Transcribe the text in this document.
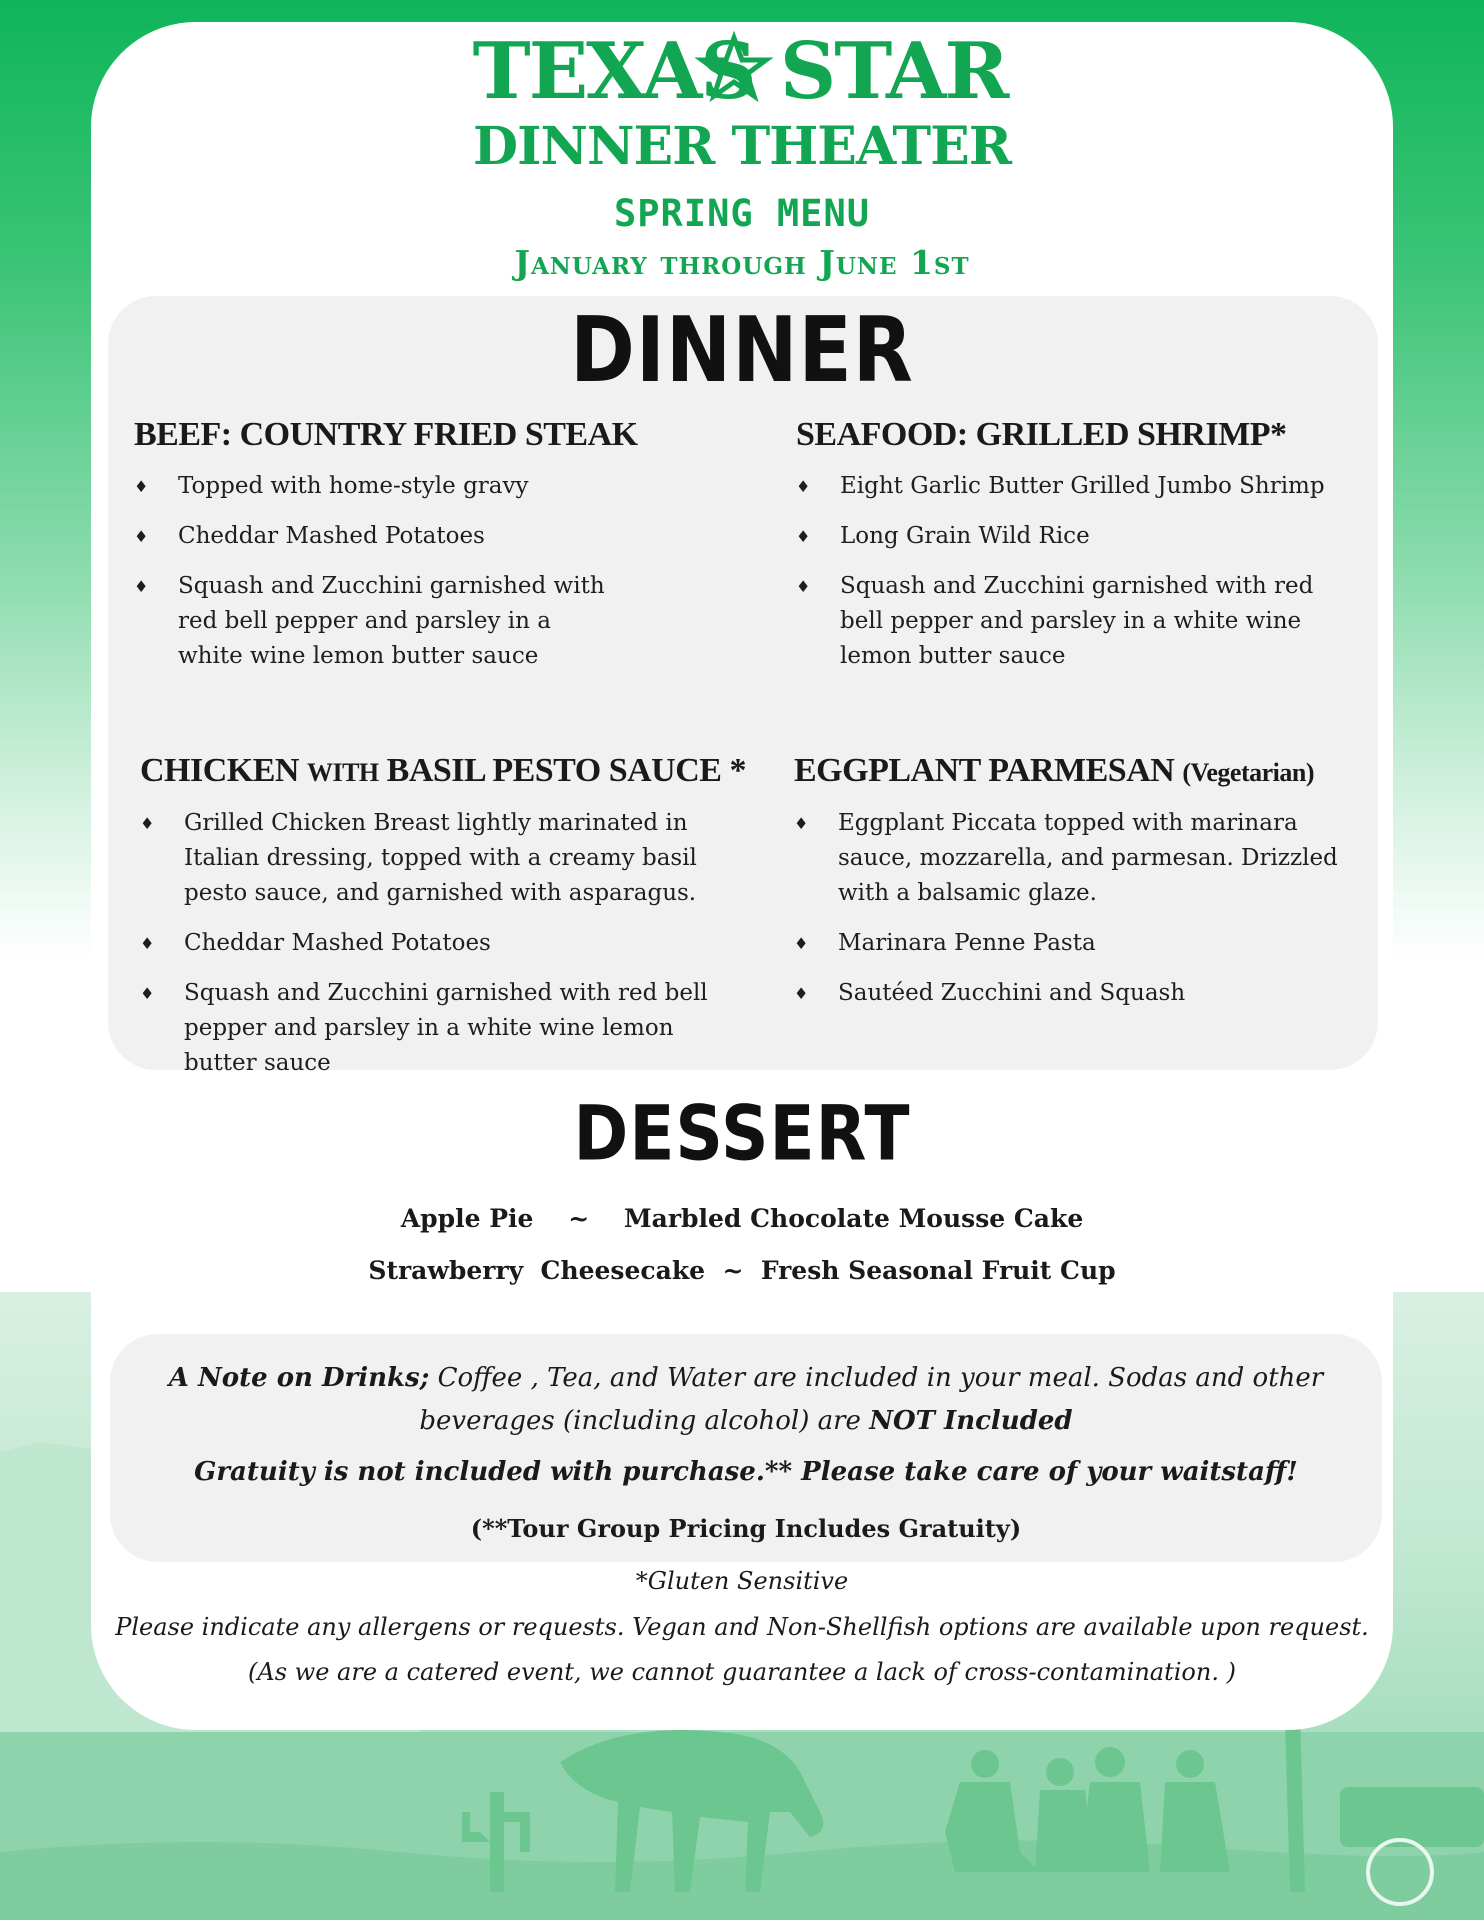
TEXAS STAR
DINNER THEATER
SPRING MENU
January through June 1st
DINNER
BEEF: COUNTRY FRIED STEAK
♦ Topped with home-style gravy
♦ Cheddar Mashed Potatoes
♦ Squash and Zucchini garnished with red bell pepper and parsley in a white wine lemon butter sauce
SEAFOOD: GRILLED SHRIMP*
♦ Eight Garlic Butter Grilled Jumbo Shrimp
♦ Long Grain Wild Rice
♦ Squash and Zucchini garnished with red bell pepper and parsley in a white wine lemon butter sauce
CHICKEN WITH BASIL PESTO SAUCE *
♦ Grilled Chicken Breast lightly marinated in Italian dressing, topped with a creamy basil pesto sauce, and garnished with asparagus.
♦ Cheddar Mashed Potatoes
♦ Squash and Zucchini garnished with red bell pepper and parsley in a white wine lemon butter sauce
EGGPLANT PARMESAN (Vegetarian)
♦ Eggplant Piccata topped with marinara sauce, mozzarella, and parmesan. Drizzled with a balsamic glaze.
♦ Marinara Penne Pasta
♦ Sautéed Zucchini and Squash
DESSERT
Apple Pie    ~    Marbled Chocolate Mousse Cake
Strawberry  Cheesecake  ~  Fresh Seasonal Fruit Cup
A Note on Drinks; Coffee , Tea, and Water are included in your meal. Sodas and other beverages (including alcohol) are NOT Included
Gratuity is not included with purchase.** Please take care of your waitstaff!
(**Tour Group Pricing Includes Gratuity)
*Gluten Sensitive
Please indicate any allergens or requests. Vegan and Non-Shellfish options are available upon request.
(As we are a catered event, we cannot guarantee a lack of cross-contamination. )
